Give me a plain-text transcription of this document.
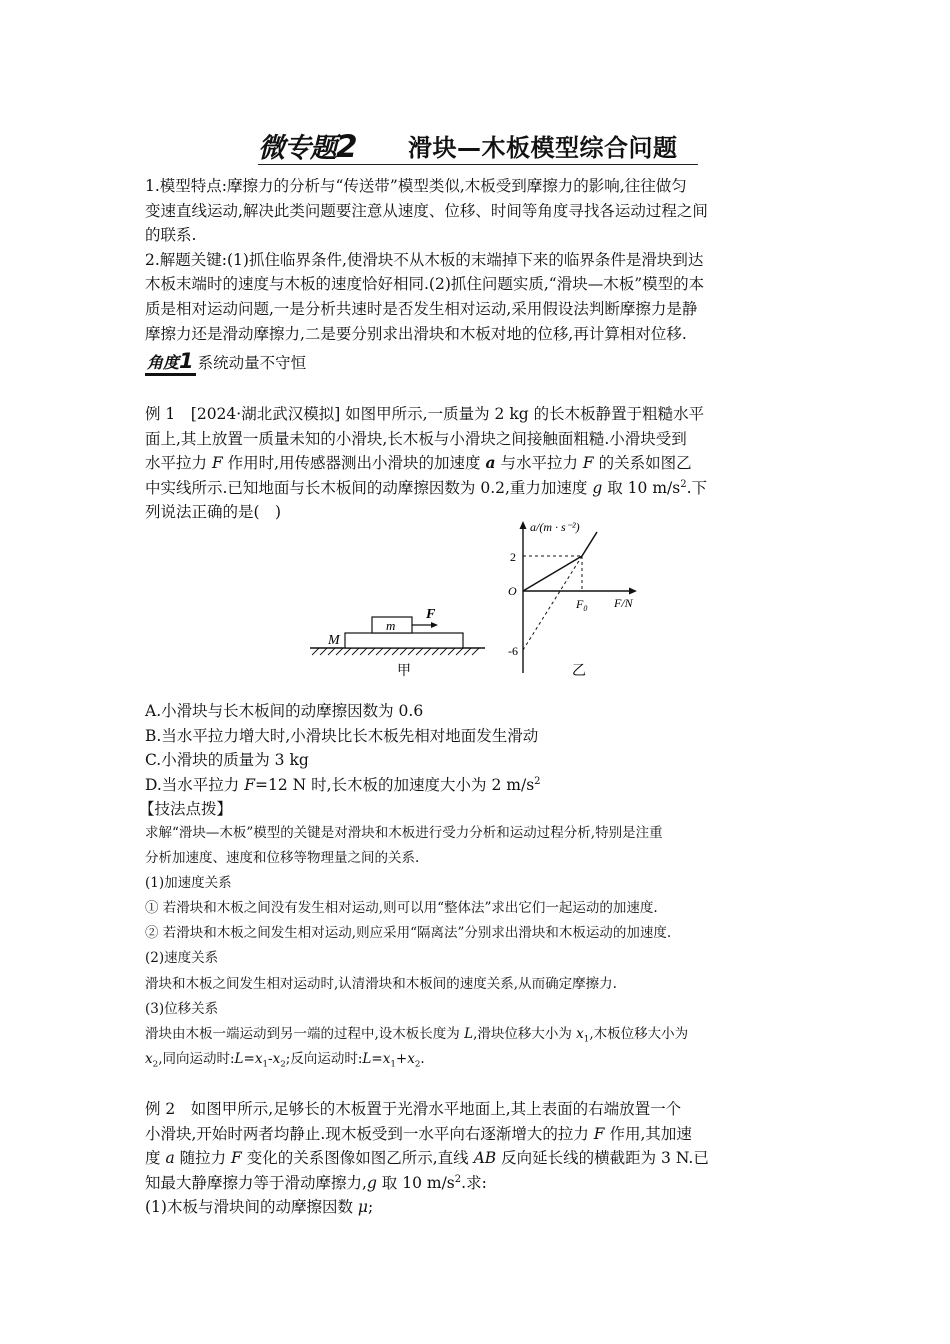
微专题2 滑块—木板模型综合问题
1.模型特点:摩擦力的分析与“传送带”模型类似,木板受到摩擦力的影响,往往做匀
变速直线运动,解决此类问题要注意从速度、位移、时间等角度寻找各运动过程之间
的联系.
2.解题关键:(1)抓住临界条件,使滑块不从木板的末端掉下来的临界条件是滑块到达
木板末端时的速度与木板的速度恰好相同.(2)抓住问题实质,“滑块—木板”模型的本
质是相对运动问题,一是分析共速时是否发生相对运动,采用假设法判断摩擦力是静
摩擦力还是滑动摩擦力,二是要分别求出滑块和木板对地的位移,再计算相对位移.
角度1 系统动量不守恒
例 1　[2024·湖北武汉模拟] 如图甲所示,一质量为 2 kg 的长木板静置于粗糙水平
面上,其上放置一质量未知的小滑块,长木板与小滑块之间接触面粗糙.小滑块受到
水平拉力 F 作用时,用传感器测出小滑块的加速度 a 与水平拉力 F 的关系如图乙
中实线所示.已知地面与长木板间的动摩擦因数为 0.2,重力加速度 g 取 10 $m/s^2$.下
列说法正确的是(　)
M
m
F
甲
a/(m · s⁻²)
F/N
O
2
-6
$F_0$
乙
A.小滑块与长木板间的动摩擦因数为 0.6
B.当水平拉力增大时,小滑块比长木板先相对地面发生滑动
C.小滑块的质量为 3 kg
D.当水平拉力 F=12 N 时,长木板的加速度大小为 2 $m/s^2$
【技法点拨】
求解“滑块—木板”模型的关键是对滑块和木板进行受力分析和运动过程分析,特别是注重
分析加速度、速度和位移等物理量之间的关系.
(1)加速度关系
① 若滑块和木板之间没有发生相对运动,则可以用“整体法”求出它们一起运动的加速度.
② 若滑块和木板之间发生相对运动,则应采用“隔离法”分别求出滑块和木板运动的加速度.
(2)速度关系
滑块和木板之间发生相对运动时,认清滑块和木板间的速度关系,从而确定摩擦力.
(3)位移关系
滑块由木板一端运动到另一端的过程中,设木板长度为 L,滑块位移大小为 $x_1$,木板位移大小为
$x_2$,同向运动时$:L=x_1-x_2$;反向运动时$:L=x_1+x_2$.
例 2　如图甲所示,足够长的木板置于光滑水平地面上,其上表面的右端放置一个
小滑块,开始时两者均静止.现木板受到一水平向右逐渐增大的拉力 F 作用,其加速
度 a 随拉力 F 变化的关系图像如图乙所示,直线 AB 反向延长线的横截距为 3 N.已
知最大静摩擦力等于滑动摩擦力,g 取 10 $m/s^2$.求:
(1)木板与滑块间的动摩擦因数 μ;
